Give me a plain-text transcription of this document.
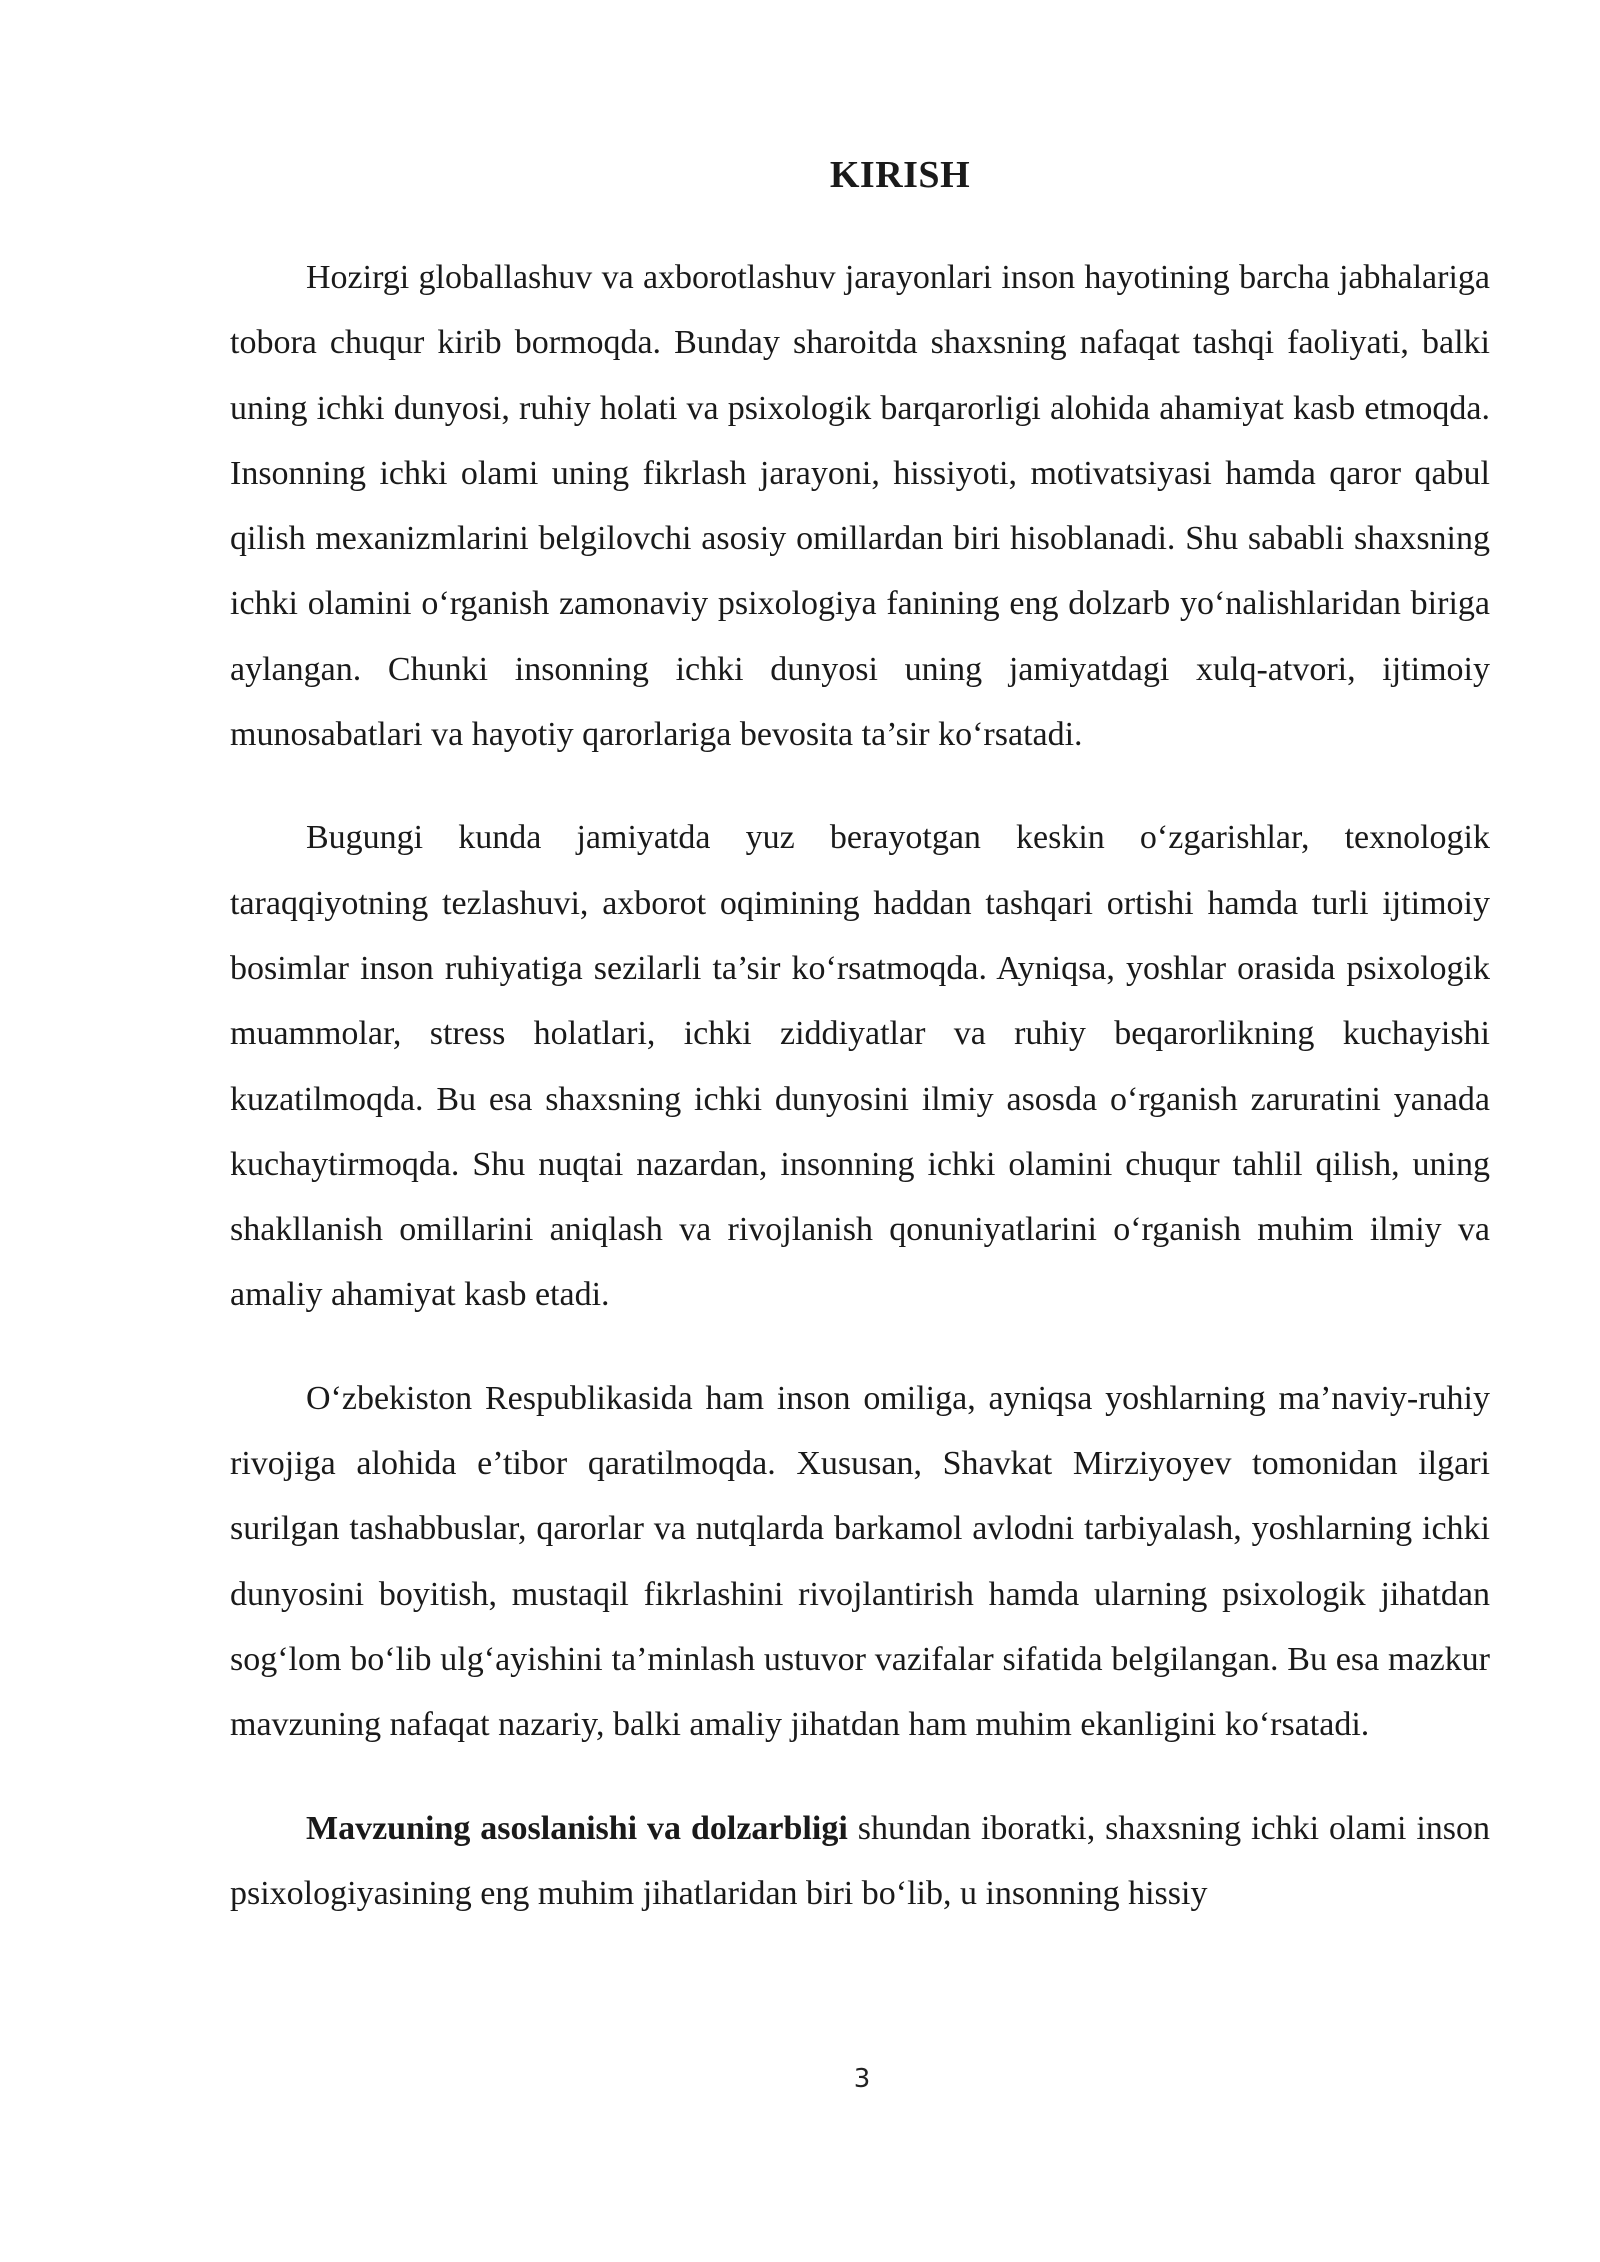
KIRISH

Hozirgi globallashuv va axborotlashuv jarayonlari inson hayotining barcha jabhalariga tobora chuqur kirib bormoqda. Bunday sharoitda shaxsning nafaqat tashqi faoliyati, balki uning ichki dunyosi, ruhiy holati va psixologik barqarorligi alohida ahamiyat kasb etmoqda. Insonning ichki olami uning fikrlash jarayoni, hissiyoti, motivatsiyasi hamda qaror qabul qilish mexanizmlarini belgilovchi asosiy omillardan biri hisoblanadi. Shu sababli shaxsning ichki olamini o‘rganish zamonaviy psixologiya fanining eng dolzarb yo‘nalishlaridan biriga aylangan. Chunki insonning ichki dunyosi uning jamiyatdagi xulq-atvori, ijtimoiy munosabatlari va hayotiy qarorlariga bevosita ta’sir ko‘rsatadi.

Bugungi kunda jamiyatda yuz berayotgan keskin o‘zgarishlar, texnologik taraqqiyotning tezlashuvi, axborot oqimining haddan tashqari ortishi hamda turli ijtimoiy bosimlar inson ruhiyatiga sezilarli ta’sir ko‘rsatmoqda. Ayniqsa, yoshlar orasida psixologik muammolar, stress holatlari, ichki ziddiyatlar va ruhiy beqarorlikning kuchayishi kuzatilmoqda. Bu esa shaxsning ichki dunyosini ilmiy asosda o‘rganish zaruratini yanada kuchaytirmoqda. Shu nuqtai nazardan, insonning ichki olamini chuqur tahlil qilish, uning shakllanish omillarini aniqlash va rivojlanish qonuniyatlarini o‘rganish muhim ilmiy va amaliy ahamiyat kasb etadi.

O‘zbekiston Respublikasida ham inson omiliga, ayniqsa yoshlarning ma’naviy-ruhiy rivojiga alohida e’tibor qaratilmoqda. Xususan, Shavkat Mirziyoyev tomonidan ilgari surilgan tashabbuslar, qarorlar va nutqlarda barkamol avlodni tarbiyalash, yoshlarning ichki dunyosini boyitish, mustaqil fikrlashini rivojlantirish hamda ularning psixologik jihatdan sog‘lom bo‘lib ulg‘ayishini ta’minlash ustuvor vazifalar sifatida belgilangan. Bu esa mazkur mavzuning nafaqat nazariy, balki amaliy jihatdan ham muhim ekanligini ko‘rsatadi.

Mavzuning asoslanishi va dolzarbligi shundan iboratki, shaxsning ichki olami inson psixologiyasining eng muhim jihatlaridan biri bo‘lib, u insonning hissiy

3
